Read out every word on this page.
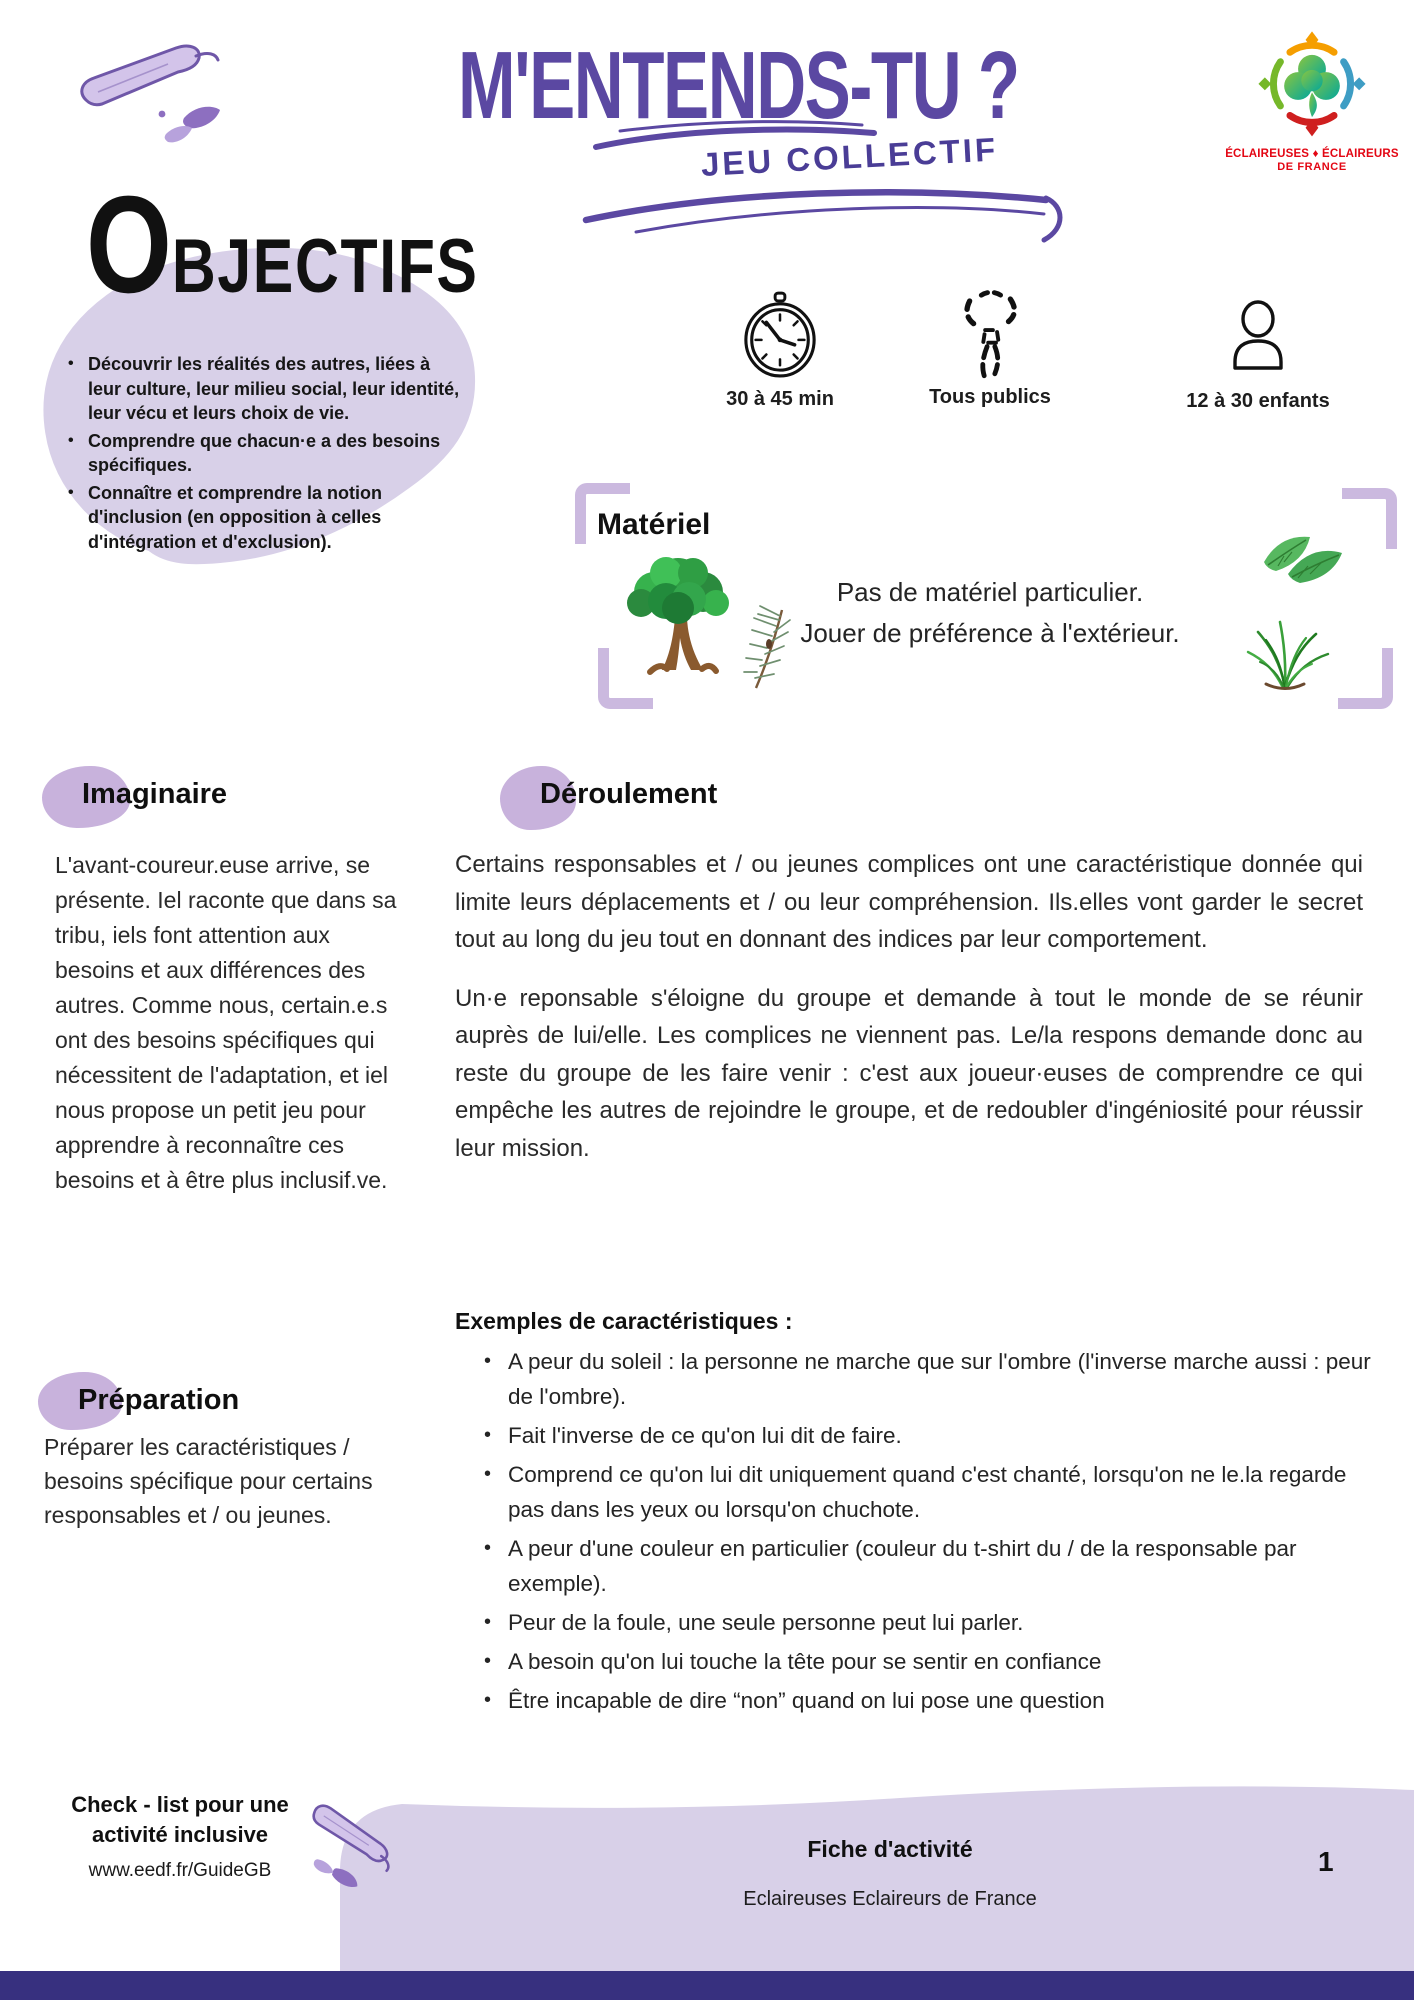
M'ENTENDS-TU ?
JEU COLLECTIF	ÉCLAIREUSES ♦ ÉCLAIREURS
DE FRANCE
O BJECTIFS
• Découvrir les réalités des autres, liées à leur culture, leur milieu social, leur identité, leur vécu et leurs choix de vie.
• Comprendre que chacun·e a des besoins spécifiques.
• Connaître et comprendre la notion d'inclusion (en opposition à celles d'intégration et d'exclusion).
30 à 45 min	Tous publics	12 à 30 enfants
Matériel
Pas de matériel particulier.
Jouer de préférence à l'extérieur.
Imaginaire
L'avant-coureur.euse arrive, se présente. Iel raconte que dans sa tribu, iels font attention aux besoins et aux différences des autres. Comme nous, certain.e.s ont des besoins spécifiques qui nécessitent de l'adaptation, et iel nous propose un petit jeu pour apprendre à reconnaître ces besoins et à être plus inclusif.ve.
Préparation
Préparer les caractéristiques / besoins spécifique pour certains responsables et / ou jeunes.
Déroulement

Certains responsables et / ou jeunes complices ont une caractéristique donnée qui limite leurs déplacements et / ou leur compréhension. Ils.elles vont garder le secret tout au long du jeu tout en donnant des indices par leur comportement.

Un·e reponsable s'éloigne du groupe et demande à tout le monde de se réunir auprès de lui/elle. Les complices ne viennent pas. Le/la respons demande donc au reste du groupe de les faire venir : c'est aux joueur·euses de comprendre ce qui empêche les autres de rejoindre le groupe, et de redoubler d'ingéniosité pour réussir leur mission.

Exemples de caractéristiques :
• A peur du soleil : la personne ne marche que sur l'ombre (l'inverse marche aussi : peur de l'ombre).
• Fait l'inverse de ce qu'on lui dit de faire.
• Comprend ce qu'on lui dit uniquement quand c'est chanté, lorsqu'on ne le.la regarde pas dans les yeux ou lorsqu'on chuchote.
• A peur d'une couleur en particulier (couleur du t-shirt du / de la responsable par exemple).
• Peur de la foule, une seule personne peut lui parler.
• A besoin qu'on lui touche la tête pour se sentir en confiance
• Être incapable de dire “non” quand on lui pose une question
Check - list pour une
activité inclusive
www.eedf.fr/GuideGB
Fiche d'activité
Eclaireuses Eclaireurs de France
1
